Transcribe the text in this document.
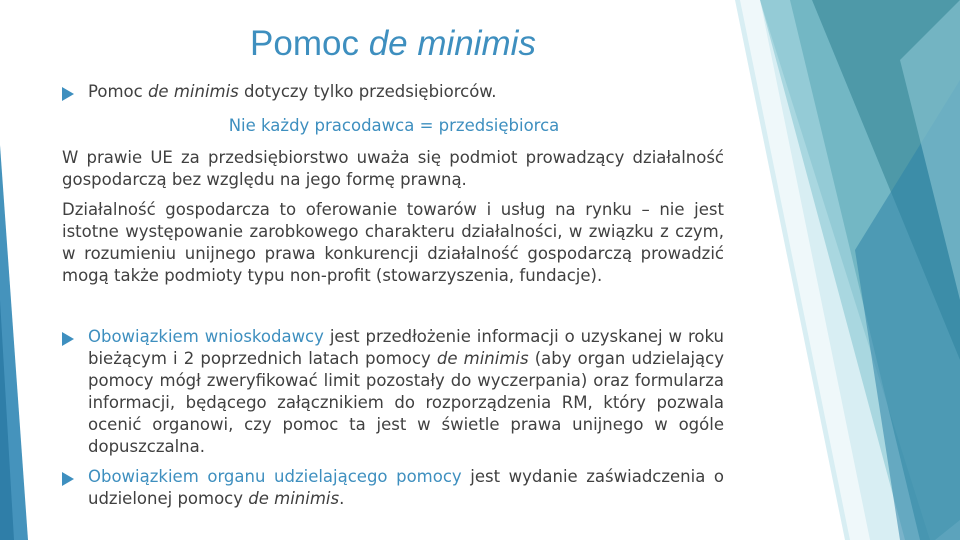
Pomoc de minimis
Pomoc de minimis dotyczy tylko przedsiębiorców.
Nie każdy pracodawca = przedsiębiorca
W prawie UE za przedsiębiorstwo uważa się podmiot prowadzący działalność gospodarczą bez względu na jego formę prawną.
Działalność gospodarcza to oferowanie towarów i usług na rynku – nie jest istotne występowanie zarobkowego charakteru działalności, w związku z czym, w rozumieniu unijnego prawa konkurencji działalność gospodarczą prowadzić mogą także podmioty typu non-profit (stowarzyszenia, fundacje).
Obowiązkiem wnioskodawcy jest przedłożenie informacji o uzyskanej w roku bieżącym i 2 poprzednich latach pomocy de minimis (aby organ udzielający pomocy mógł zweryfikować limit pozostały do wyczerpania) oraz formularza informacji, będącego załącznikiem do rozporządzenia RM, który pozwala ocenić organowi, czy pomoc ta jest w świetle prawa unijnego w ogóle dopuszczalna.
Obowiązkiem organu udzielającego pomocy jest wydanie zaświadczenia o udzielonej pomocy de minimis.
